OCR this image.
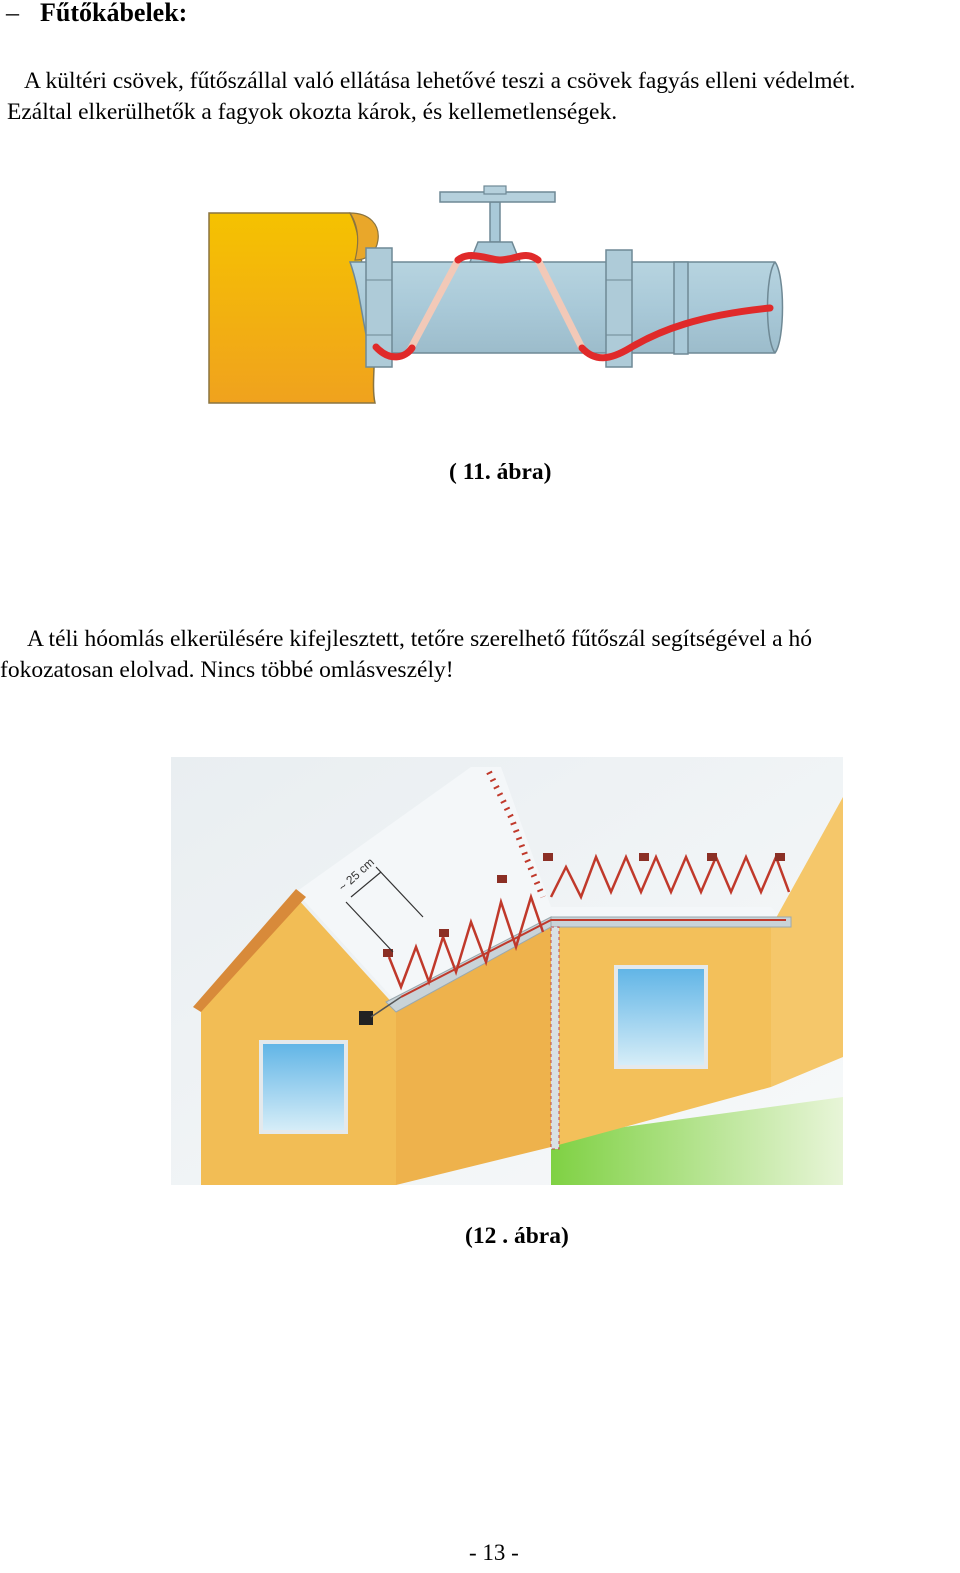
– Fűtőkábelek:
A kültéri csövek, fűtőszállal való ellátása lehetővé teszi a csövek fagyás elleni védelmét.
Ezáltal elkerülhetők a fagyok okozta károk, és kellemetlenségek.
( 11. ábra)
A téli hóomlás elkerülésére kifejlesztett, tetőre szerelhető fűtőszál segítségével a hó
fokozatosan elolvad. Nincs többé omlásveszély!
~ 25 cm
(12 . ábra)
- 13 -
